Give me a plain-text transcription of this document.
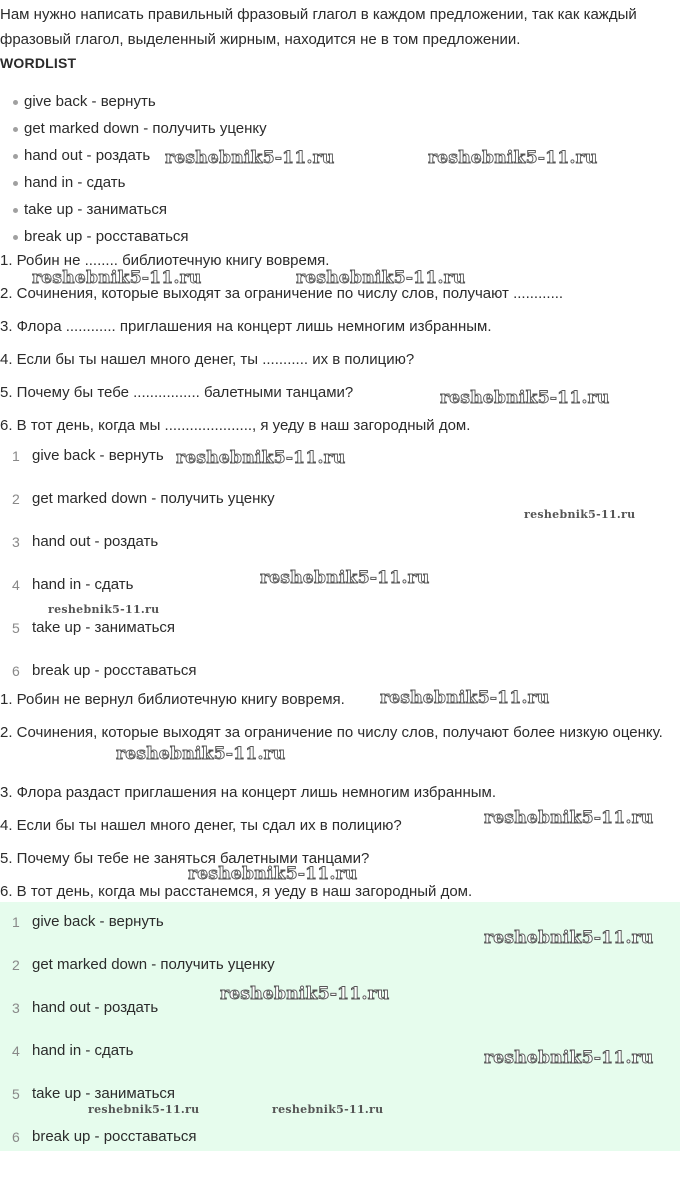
Нам нужно написать правильный фразовый глагол в каждом предложении, так как каждый фразовый глагол, выделенный жирным, находится не в том предложении.
WORDLIST
give back - вернуть
get marked down - получить уценку
hand out - роздать
hand in - сдать
take up - заниматься
break up - росставаться
1. Робин не ........ библиотечную книгу вовремя.
2. Сочинения, которые выходят за ограничение по числу слов, получают ............
3. Флора ............ приглашения на концерт лишь немногим избранным.
4. Если бы ты нашел много денег, ты ........... их в полицию?
5. Почему бы тебе ................ балетными танцами?
6. В тот день, когда мы ....................., я уеду в наш загородный дом.
1 give back - вернуть
2 get marked down - получить уценку
3 hand out - роздать
4 hand in - сдать
5 take up - заниматься
6 break up - росставаться
1. Робин не вернул библиотечную книгу вовремя.
2. Сочинения, которые выходят за ограничение по числу слов, получают более низкую оценку.
3. Флора раздаст приглашения на концерт лишь немногим избранным.
4. Если бы ты нашел много денег, ты сдал их в полицию?
5. Почему бы тебе не заняться балетными танцами?
6. В тот день, когда мы расстанемся, я уеду в наш загородный дом.
1 give back - вернуть
2 get marked down - получить уценку
3 hand out - роздать
4 hand in - сдать
5 take up - заниматься
6 break up - росставаться
reshebnik5-11.ru	reshebnik5-11.ru
reshebnik5-11.ru	reshebnik5-11.ru
reshebnik5-11.ru
reshebnik5-11.ru
reshebnik5-11.ru
reshebnik5-11.ru
reshebnik5-11.ru
reshebnik5-11.ru
reshebnik5-11.ru
reshebnik5-11.ru
reshebnik5-11.ru
reshebnik5-11.ru
reshebnik5-11.ru
reshebnik5-11.ru
reshebnik5-11.ru	reshebnik5-11.ru
